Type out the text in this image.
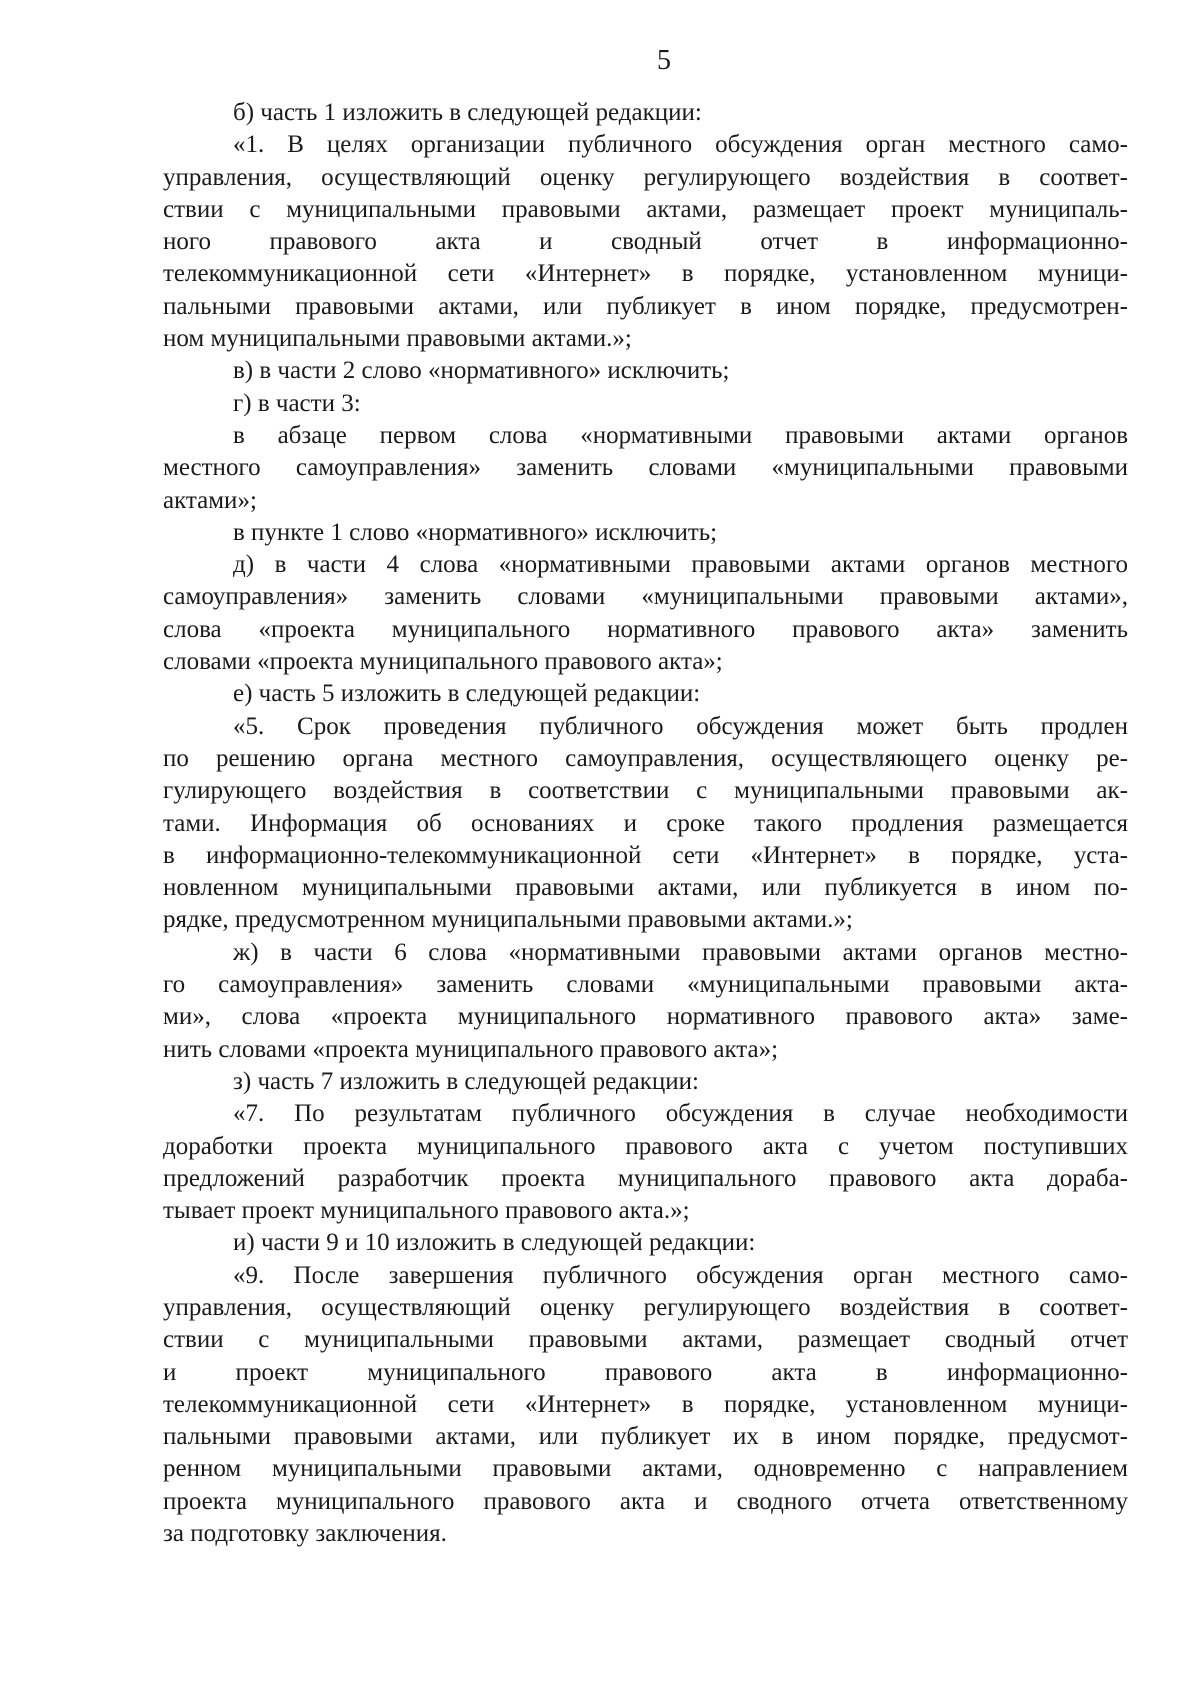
5
б) часть 1 изложить в следующей редакции:
«1. В целях организации публичного обсуждения орган местного само-
управления, осуществляющий оценку регулирующего воздействия в соответ-
ствии с муниципальными правовыми актами, размещает проект муниципаль-
ного правового акта и сводный отчет в информационно-
телекоммуникационной сети «Интернет» в порядке, установленном муници-
пальными правовыми актами, или публикует в ином порядке, предусмотрен-
ном муниципальными правовыми актами.»;
в) в части 2 слово «нормативного» исключить;
г) в части 3:
в абзаце первом слова «нормативными правовыми актами органов
местного самоуправления» заменить словами «муниципальными правовыми
актами»;
в пункте 1 слово «нормативного» исключить;
д) в части 4 слова «нормативными правовыми актами органов местного
самоуправления» заменить словами «муниципальными правовыми актами»,
слова «проекта муниципального нормативного правового акта» заменить
словами «проекта муниципального правового акта»;
е) часть 5 изложить в следующей редакции:
«5. Срок проведения публичного обсуждения может быть продлен
по решению органа местного самоуправления, осуществляющего оценку ре-
гулирующего воздействия в соответствии с муниципальными правовыми ак-
тами. Информация об основаниях и сроке такого продления размещается
в информационно-телекоммуникационной сети «Интернет» в порядке, уста-
новленном муниципальными правовыми актами, или публикуется в ином по-
рядке, предусмотренном муниципальными правовыми актами.»;
ж) в части 6 слова «нормативными правовыми актами органов местно-
го самоуправления» заменить словами «муниципальными правовыми акта-
ми», слова «проекта муниципального нормативного правового акта» заме-
нить словами «проекта муниципального правового акта»;
з) часть 7 изложить в следующей редакции:
«7. По результатам публичного обсуждения в случае необходимости
доработки проекта муниципального правового акта с учетом поступивших
предложений разработчик проекта муниципального правового акта дораба-
тывает проект муниципального правового акта.»;
и) части 9 и 10 изложить в следующей редакции:
«9. После завершения публичного обсуждения орган местного само-
управления, осуществляющий оценку регулирующего воздействия в соответ-
ствии с муниципальными правовыми актами, размещает сводный отчет
и проект муниципального правового акта в информационно-
телекоммуникационной сети «Интернет» в порядке, установленном муници-
пальными правовыми актами, или публикует их в ином порядке, предусмот-
ренном муниципальными правовыми актами, одновременно с направлением
проекта муниципального правового акта и сводного отчета ответственному
за подготовку заключения.
